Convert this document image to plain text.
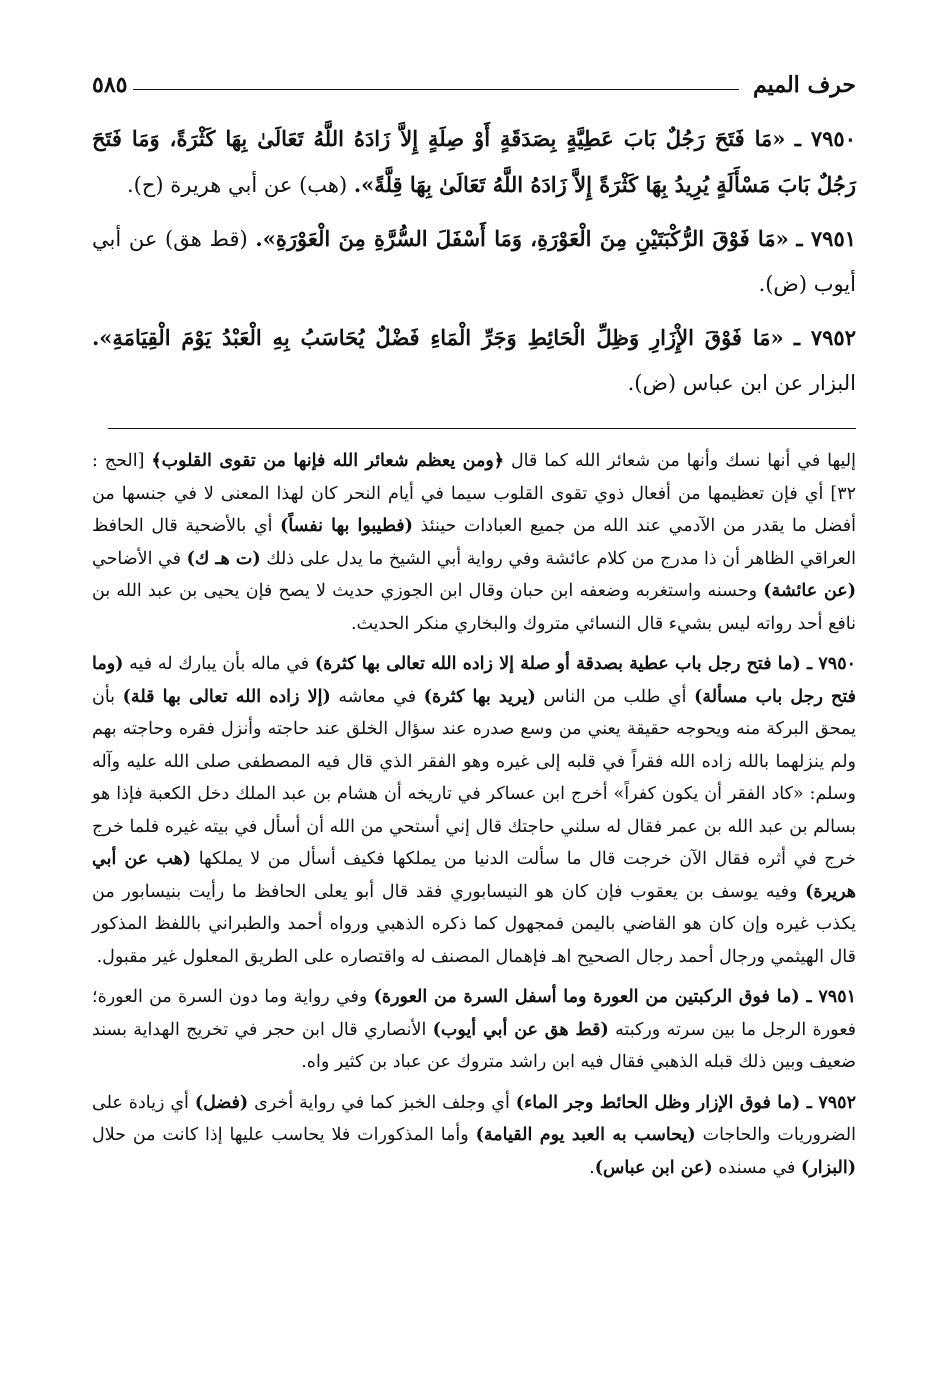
حرف الميم
٥٨٥

٧٩٥٠ ـ «مَا فَتَحَ رَجُلٌ بَابَ عَطِيَّةٍ بِصَدَقَةٍ أَوْ صِلَةٍ إِلاَّ زَادَهُ اللَّهُ تَعَالَىٰ بِهَا كَثْرَةً، وَمَا فَتَحَ رَجُلٌ بَابَ مَسْأَلَةٍ يُرِيدُ بِهَا كَثْرَةً إِلاَّ زَادَهُ اللَّهُ تَعَالَىٰ بِهَا قِلَّةً». (هب) عن أبي هريرة (ح).

٧٩٥١ ـ «مَا فَوْقَ الرُّكْبَتَيْنِ مِنَ الْعَوْرَةِ، وَمَا أَسْفَلَ السُّرَّةِ مِنَ الْعَوْرَةِ». (قط هق) عن أبي أيوب (ض).

٧٩٥٢ ـ «مَا فَوْقَ الإِْزَارِ وَظِلِّ الْحَائِطِ وَجَرِّ الْمَاءِ فَضْلٌ يُحَاسَبُ بِهِ الْعَبْدُ يَوْمَ الْقِيَامَةِ». البزار عن ابن عباس (ض).

إليها في أنها نسك وأنها من شعائر الله كما قال ﴿ومن يعظم شعائر الله فإنها من تقوى القلوب﴾ [الحج : ٣٢] أي فإن تعظيمها من أفعال ذوي تقوى القلوب سيما في أيام النحر كان لهذا المعنى لا في جنسها من أفضل ما يقدر من الآدمي عند الله من جميع العبادات حينئذ (فطيبوا بها نفساً) أي بالأضحية قال الحافظ العراقي الظاهر أن ذا مدرج من كلام عائشة وفي رواية أبي الشيخ ما يدل على ذلك (ت هـ ك) في الأضاحي (عن عائشة) وحسنه واستغربه وضعفه ابن حبان وقال ابن الجوزي حديث لا يصح فإن يحيى بن عبد الله بن نافع أحد رواته ليس بشيء قال النسائي متروك والبخاري منكر الحديث.

٧٩٥٠ ـ (ما فتح رجل باب عطية بصدقة أو صلة إلا زاده الله تعالى بها كثرة) في ماله بأن يبارك له فيه (وما فتح رجل باب مسألة) أي طلب من الناس (يريد بها كثرة) في معاشه (إلا زاده الله تعالى بها قلة) بأن يمحق البركة منه ويحوجه حقيقة يعني من وسع صدره عند سؤال الخلق عند حاجته وأنزل فقره وحاجته بهم ولم ينزلهما بالله زاده الله فقراً في قلبه إلى غيره وهو الفقر الذي قال فيه المصطفى صلى الله عليه وآله وسلم: «كاد الفقر أن يكون كفراً» أخرج ابن عساكر في تاريخه أن هشام بن عبد الملك دخل الكعبة فإذا هو بسالم بن عبد الله بن عمر فقال له سلني حاجتك قال إني أستحي من الله أن أسأل في بيته غيره فلما خرج خرج في أثره فقال الآن خرجت قال ما سألت الدنيا من يملكها فكيف أسأل من لا يملكها (هب عن أبي هريرة) وفيه يوسف بن يعقوب فإن كان هو النيسابوري فقد قال أبو يعلى الحافظ ما رأيت بنيسابور من يكذب غيره وإن كان هو القاضي باليمن فمجهول كما ذكره الذهبي ورواه أحمد والطبراني باللفظ المذكور قال الهيثمي ورجال أحمد رجال الصحيح اهـ فإهمال المصنف له واقتصاره على الطريق المعلول غير مقبول.

٧٩٥١ ـ (ما فوق الركبتين من العورة وما أسفل السرة من العورة) وفي رواية وما دون السرة من العورة؛ فعورة الرجل ما بين سرته وركبته (قط هق عن أبي أيوب) الأنصاري قال ابن حجر في تخريج الهداية بسند ضعيف وبين ذلك قبله الذهبي فقال فيه ابن راشد متروك عن عباد بن كثير واه.

٧٩٥٢ ـ (ما فوق الإزار وظل الحائط وجر الماء) أي وجلف الخبز كما في رواية أخرى (فضل) أي زيادة على الضروريات والحاجات (يحاسب به العبد يوم القيامة) وأما المذكورات فلا يحاسب عليها إذا كانت من حلال (البزار) في مسنده (عن ابن عباس).
